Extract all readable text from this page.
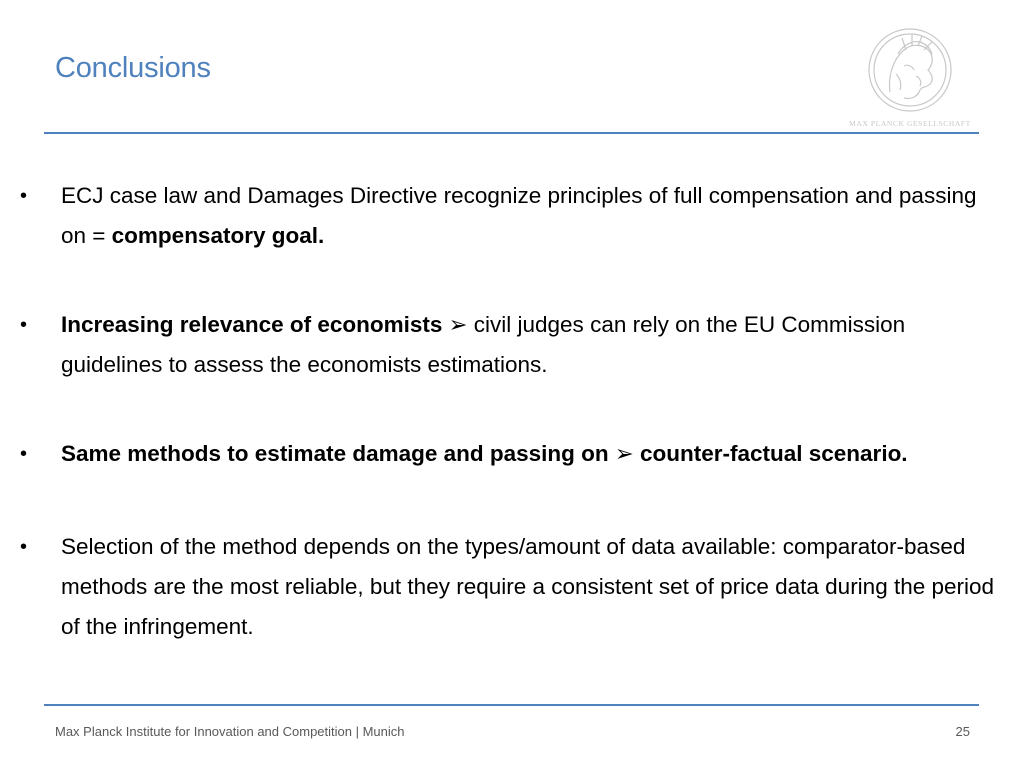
Conclusions
MAX PLANCK GESELLSCHAFT
•	ECJ case law and Damages Directive recognize principles of full compensation and passing on = compensatory goal.
•	Increasing relevance of economists ➢ civil judges can rely on the EU Commission guidelines to assess the economists estimations.
•	Same methods to estimate damage and passing on ➢ counter-factual scenario.
•	Selection of the method depends on the types/amount of data available: comparator-based methods are the most reliable, but they require a consistent set of price data during the period of the infringement.
Max Planck Institute for Innovation and Competition | Munich	25
